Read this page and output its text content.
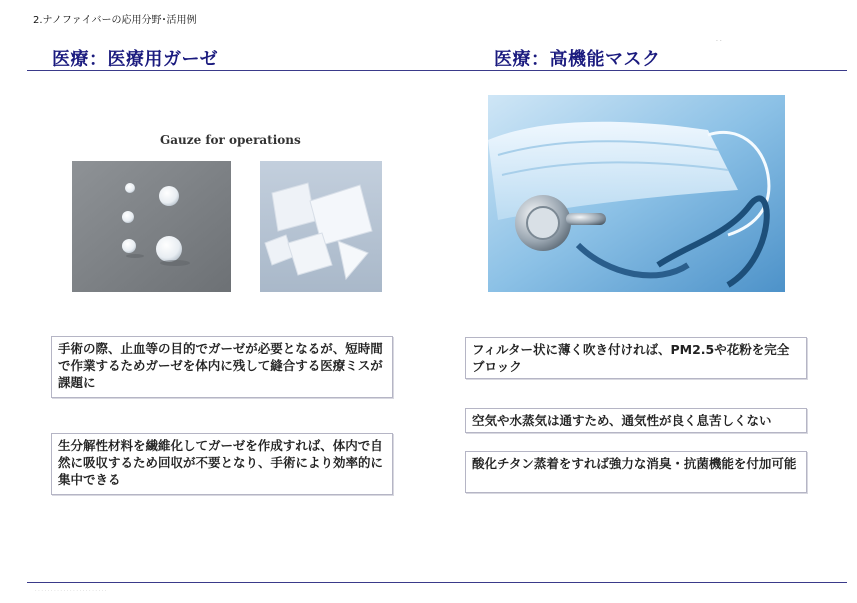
2.ナノファイバーの応用分野･活用例
· ·
医療：医療用ガーゼ	医療：高機能マスク
Gauze for operations
手術の際、止血等の目的でガーゼが必要となるが、短時間で作業するためガーゼを体内に残して縫合する医療ミスが課題に
生分解性材料を繊維化してガーゼを作成すれば、体内で自然に吸収するため回収が不要となり、手術により効率的に集中できる
フィルター状に薄く吹き付ければ、PM2.5や花粉を完全ブロック
空気や水蒸気は通すため、通気性が良く息苦しくない
酸化チタン蒸着をすれば強力な消臭・抗菌機能を付加可能
· · · · · · · · · · · · · · · · · · · · · · ·
